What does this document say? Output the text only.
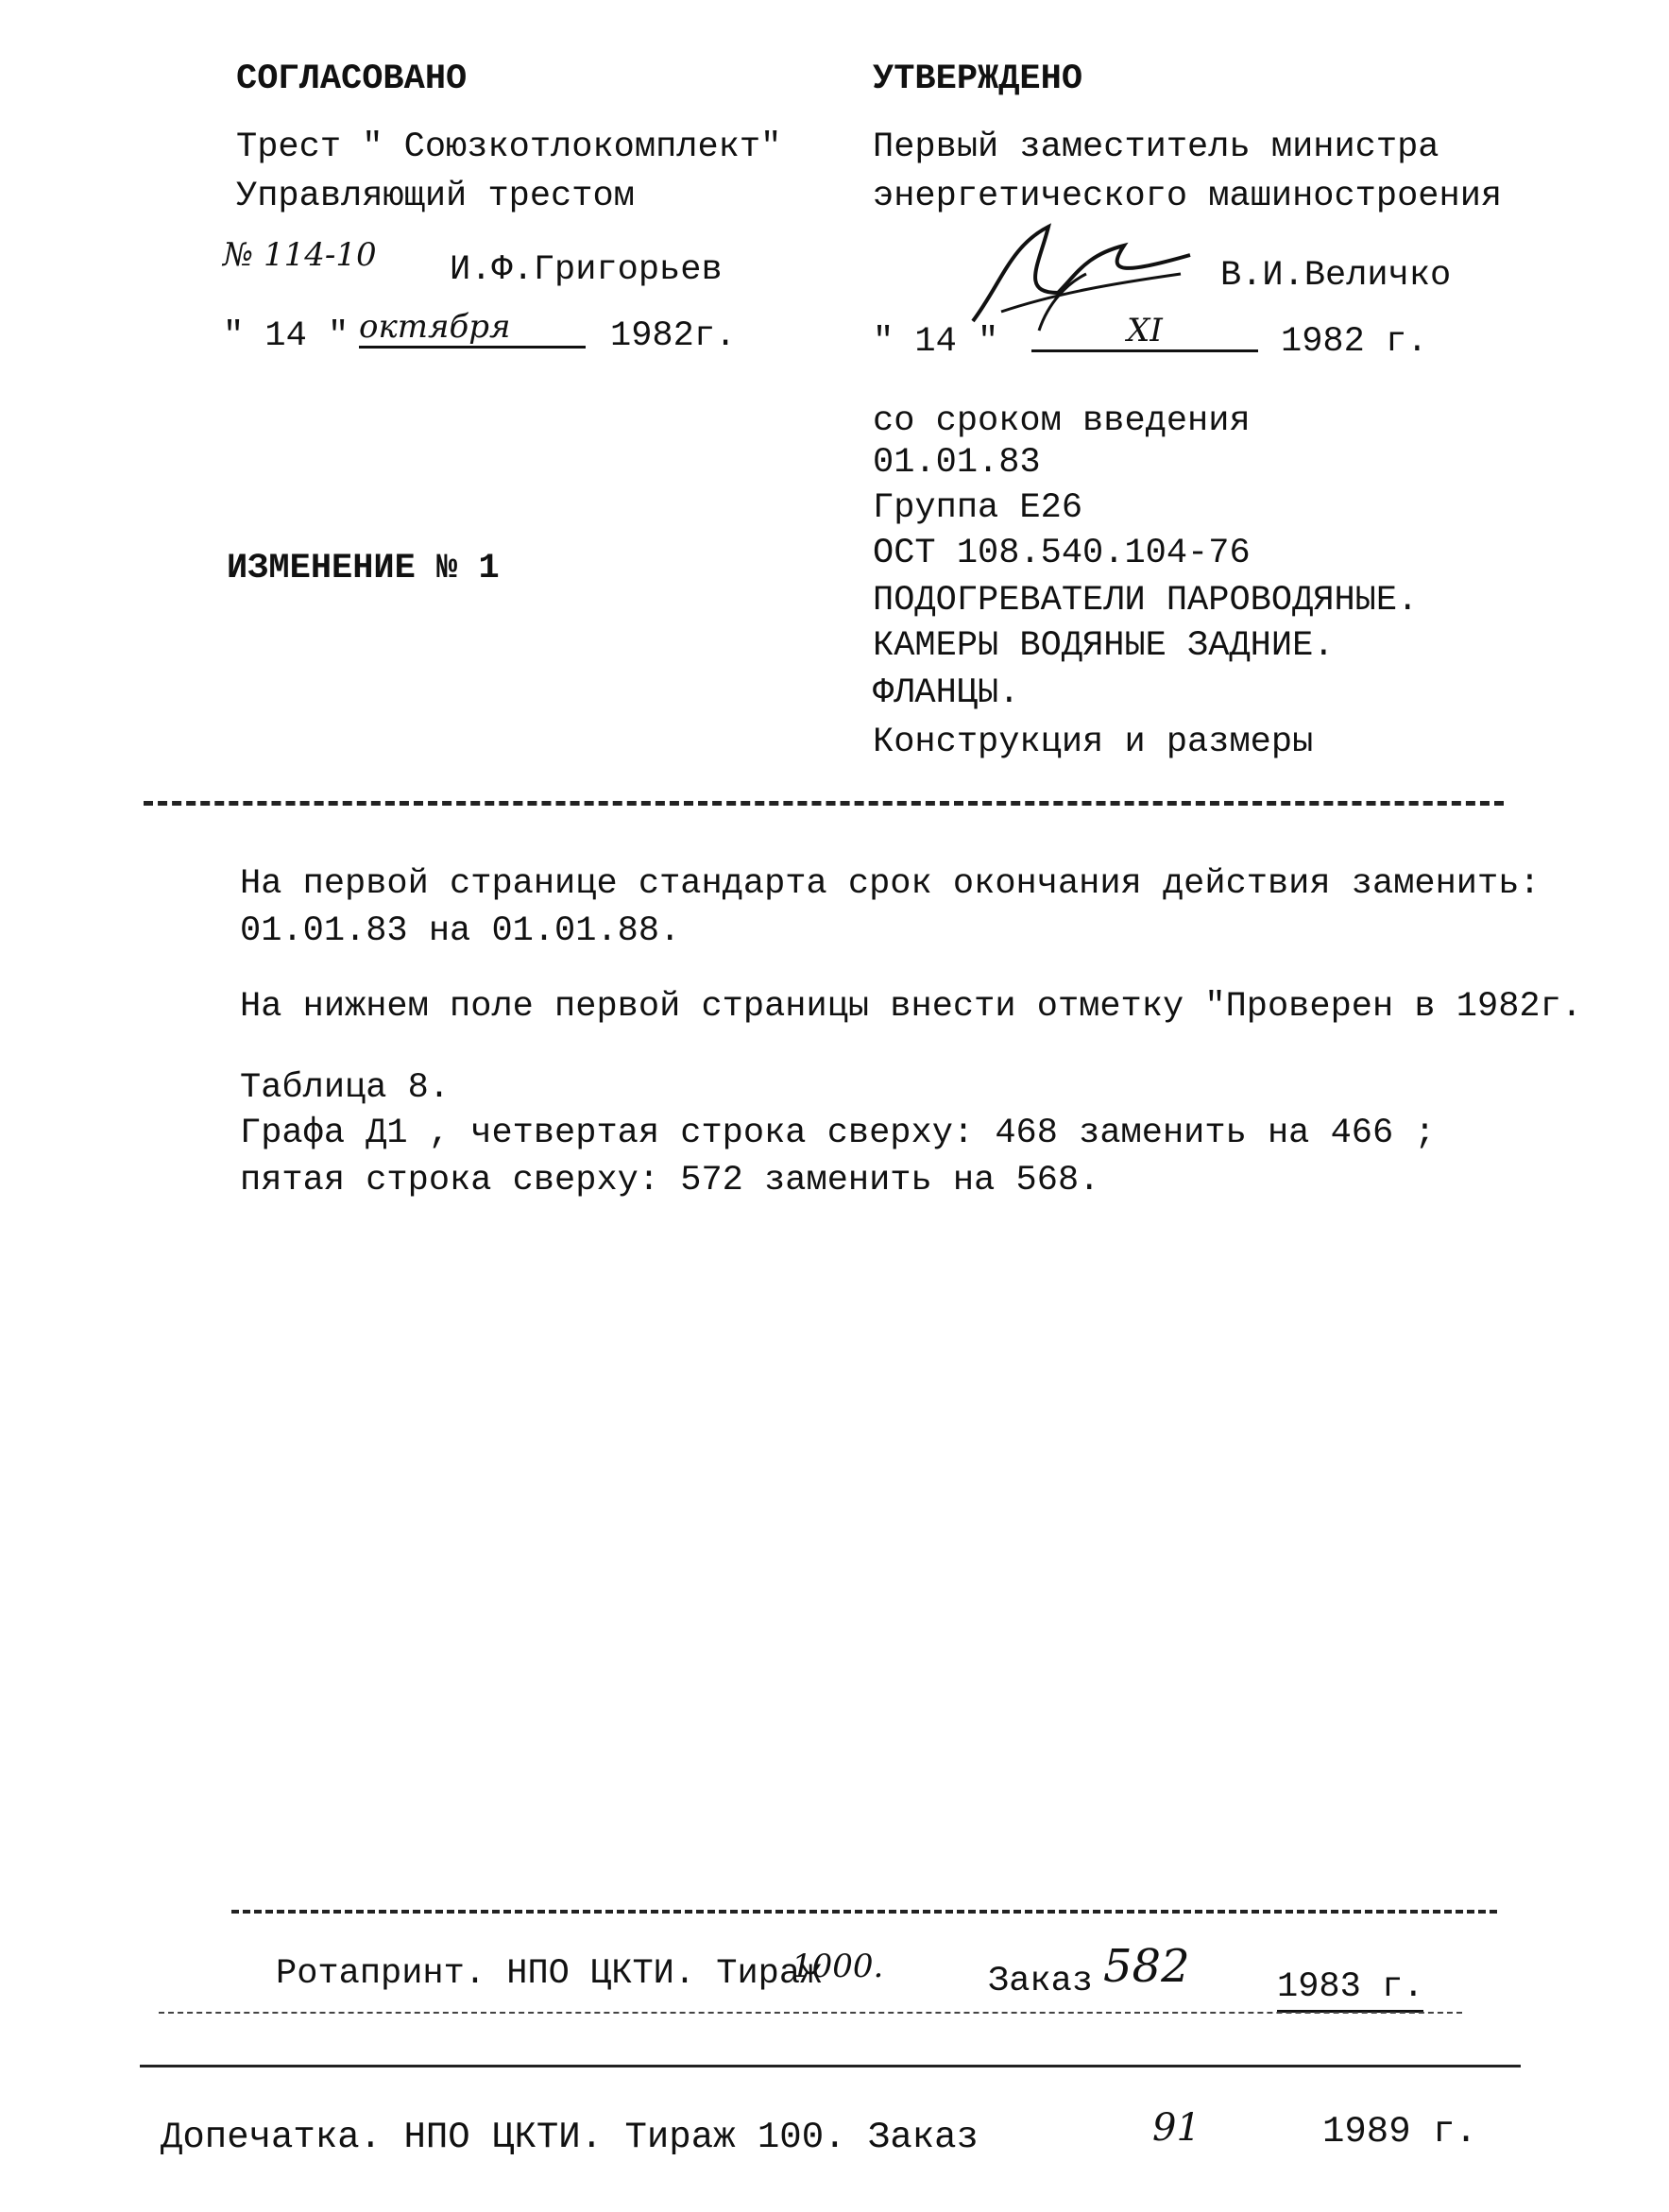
СОГЛАСОВАНО
Трест " Союзкотлокомплект"
Управляющий трестом
№ 114-10 И.Ф.Григорьев
" 14 " октября	1982г.
ИЗМЕНЕНИЕ № 1
УТВЕРЖДЕНО
Первый заместитель министра
энергетического машиностроения
В.И.Величко
" 14 "	XI	1982 г.
со сроком введения
01.01.83
Группа Е26
ОСТ 108.540.104-76
ПОДОГРЕВАТЕЛИ ПАРОВОДЯНЫЕ.
КАМЕРЫ ВОДЯНЫЕ ЗАДНИЕ.
ФЛАНЦЫ.
Конструкция и размеры
На первой странице стандарта срок окончания действия заменить:
01.01.83 на 01.01.88.
На нижнем поле первой страницы внести отметку "Проверен в 1982г.
Таблица 8.
Графа Д1 , четвертая строка сверху: 468 заменить на 466 ;
пятая строка сверху: 572 заменить на 568.
Ротапринт. НПО ЦКТИ. Тираж
1000.	Заказ 582 1983 г.
Допечатка. НПО ЦКТИ. Тираж 100. Заказ	91	1989 г.
